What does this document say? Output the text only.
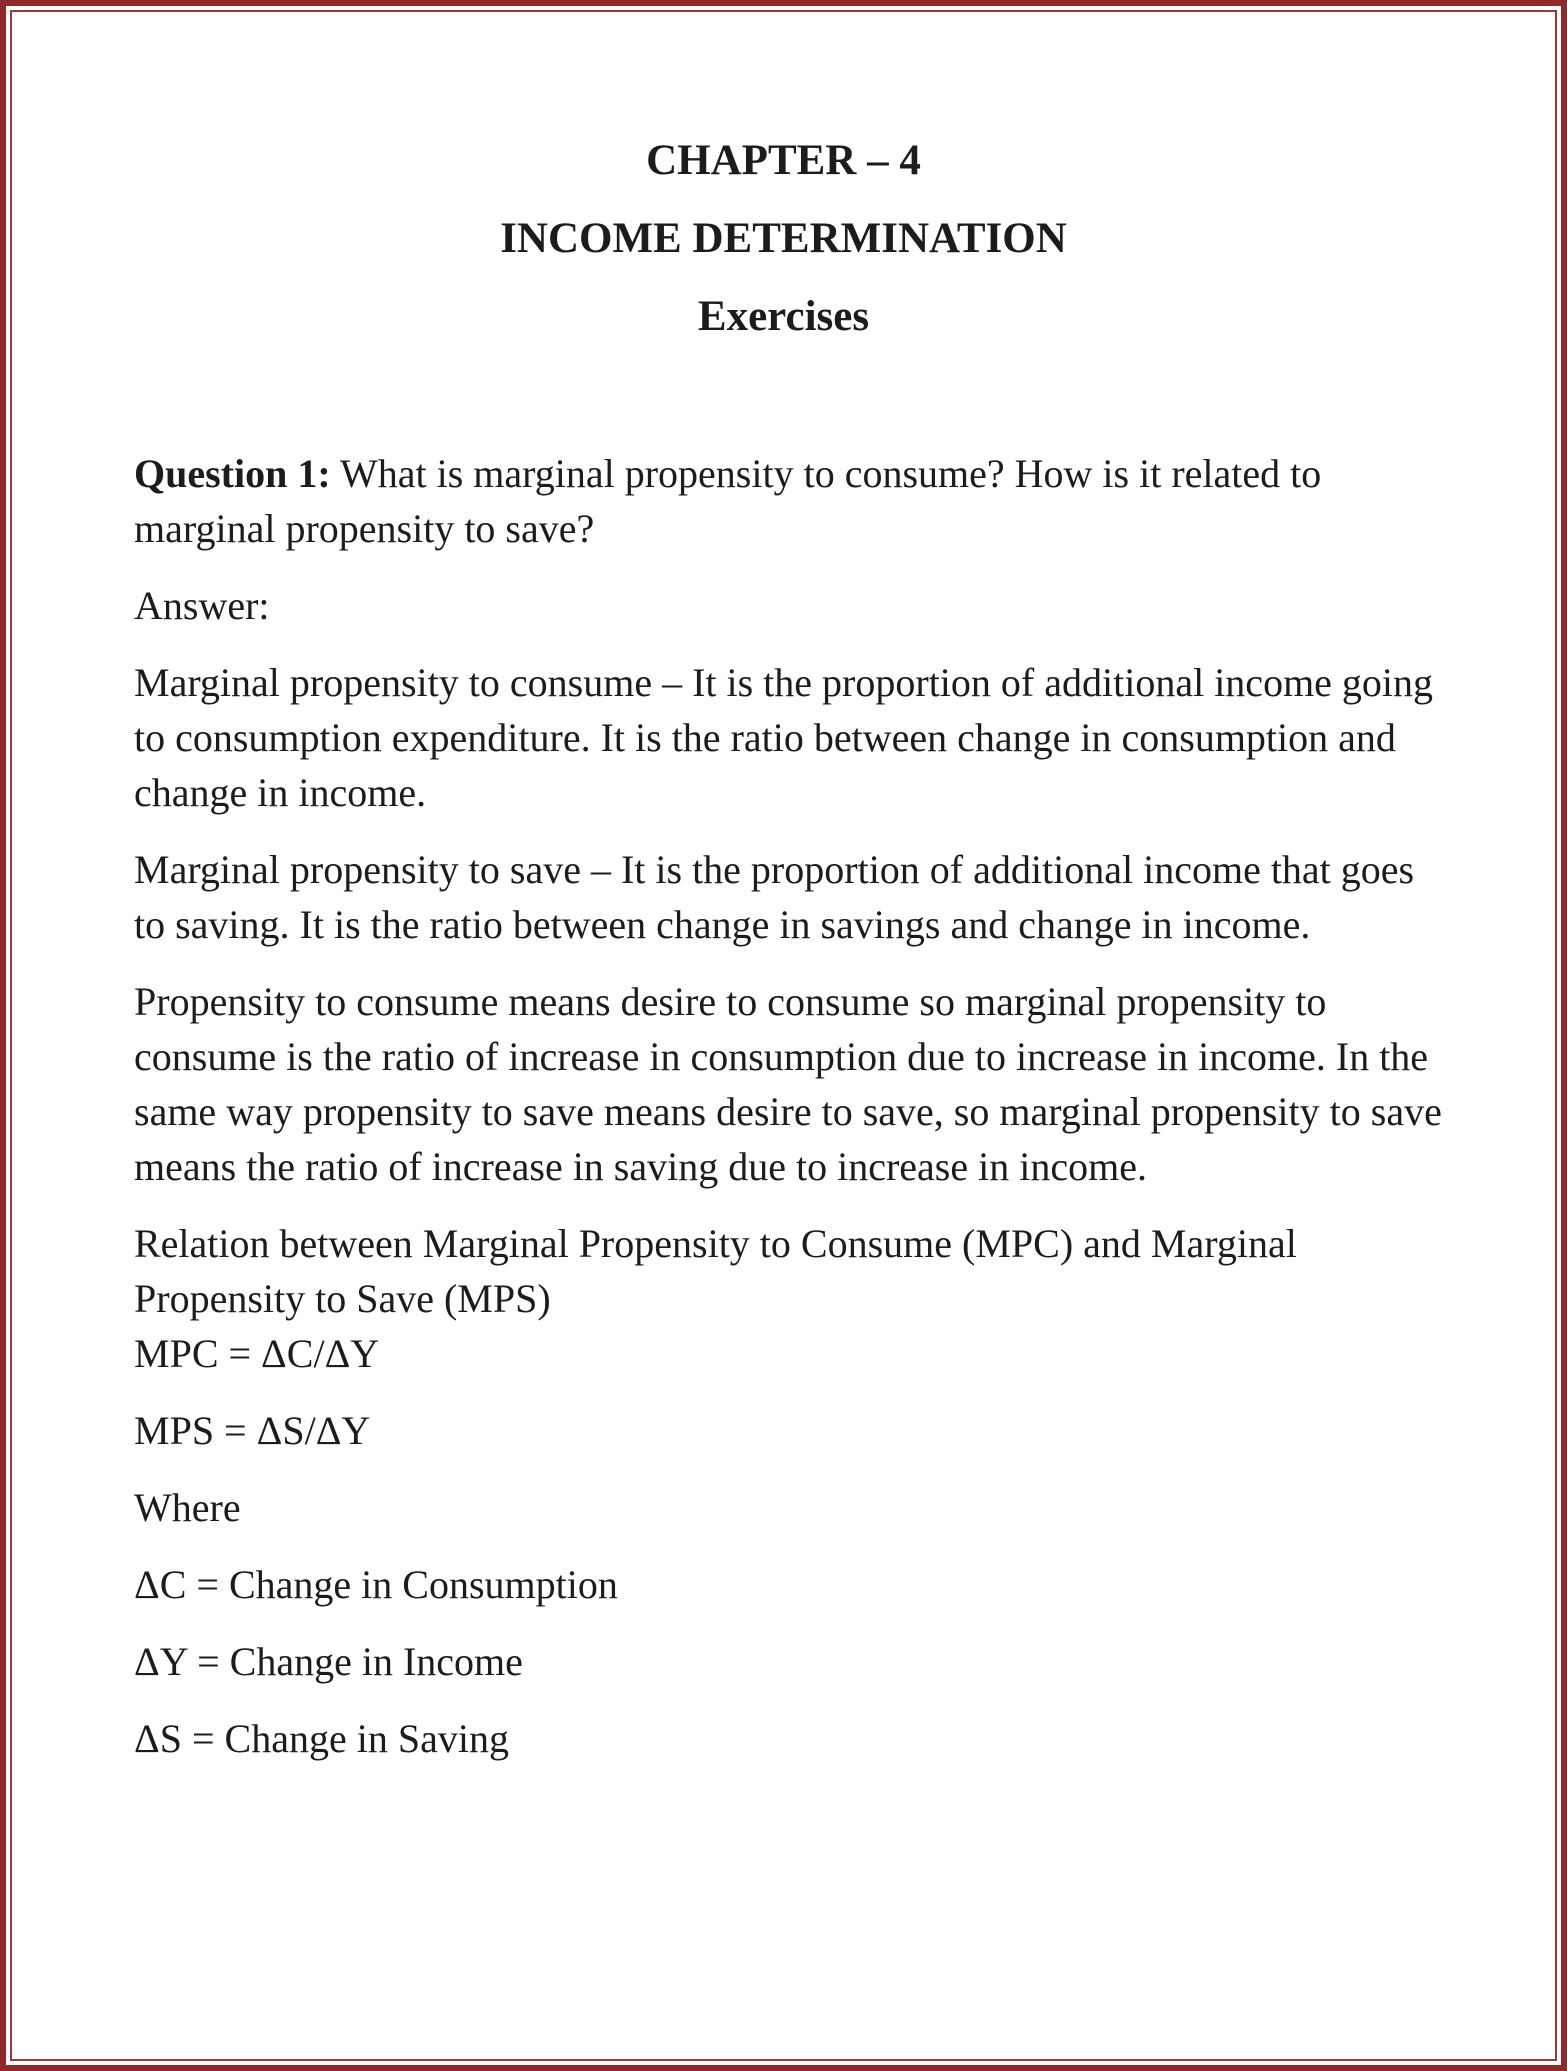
CHAPTER – 4
INCOME DETERMINATION
Exercises

Question 1: What is marginal propensity to consume? How is it related to marginal propensity to save?

Answer:

Marginal propensity to consume – It is the proportion of additional income going to consumption expenditure. It is the ratio between change in consumption and change in income.

Marginal propensity to save – It is the proportion of additional income that goes to saving. It is the ratio between change in savings and change in income.

Propensity to consume means desire to consume so marginal propensity to consume is the ratio of increase in consumption due to increase in income. In the same way propensity to save means desire to save, so marginal propensity to save means the ratio of increase in saving due to increase in income.

Relation between Marginal Propensity to Consume (MPC) and Marginal Propensity to Save (MPS)

MPC = ΔC/ΔY

MPS = ΔS/ΔY

Where

ΔC = Change in Consumption

ΔY = Change in Income

ΔS = Change in Saving
